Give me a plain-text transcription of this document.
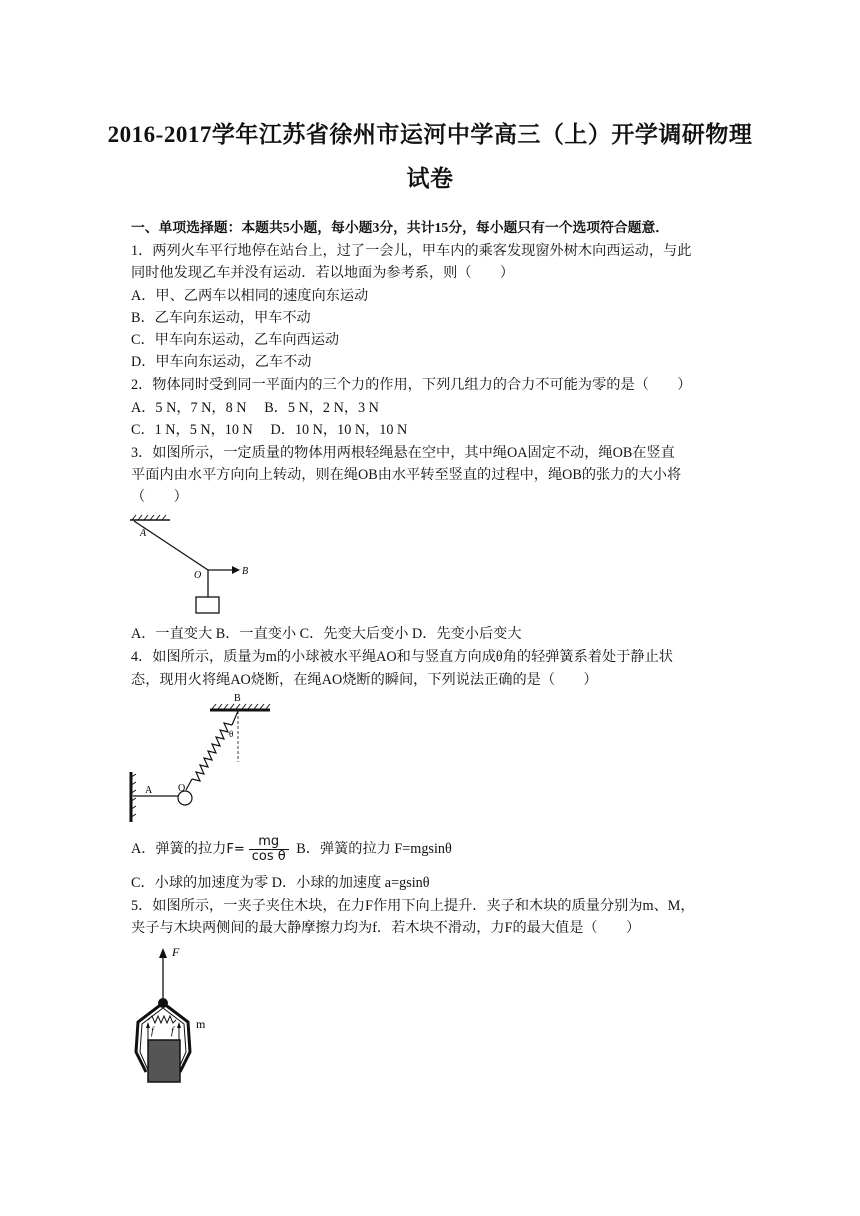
2016-2017学年江苏省徐州市运河中学高三（上）开学调研物理
试卷
一、单项选择题：本题共5小题，每小题3分，共计15分，每小题只有一个选项符合题意．
1．两列火车平行地停在站台上，过了一会儿，甲车内的乘客发现窗外树木向西运动，与此
同时他发现乙车并没有运动．若以地面为参考系，则（　　）
A．甲、乙两车以相同的速度向东运动
B．乙车向东运动，甲车不动
C．甲车向东运动，乙车向西运动
D．甲车向东运动，乙车不动
2．物体同时受到同一平面内的三个力的作用，下列几组力的合力不可能为零的是（　　）
A．5 N，7 N，8 N　 B．5 N，2 N，3 N
C．1 N，5 N，10 N　 D．10 N，10 N，10 N
3．如图所示，一定质量的物体用两根轻绳悬在空中，其中绳OA固定不动，绳OB在竖直
平面内由水平方向向上转动，则在绳OB由水平转至竖直的过程中，绳OB的张力的大小将
（　　）
A
O	B
A．一直变大 B．一直变小 C．先变大后变小 D．先变小后变大
4．如图所示，质量为m的小球被水平绳AO和与竖直方向成θ角的轻弹簧系着处于静止状
态，现用火将绳AO烧断，在绳AO烧断的瞬间，下列说法正确的是（　　）
B
θ
A	O
A．弹簧的拉力$F= \frac{mg}{\text{cos θ}}$ B．弹簧的拉力 F=mgsinθ
C．小球的加速度为零 D．小球的加速度 a=gsinθ
5．如图所示，一夹子夹住木块，在力F作用下向上提升．夹子和木块的质量分别为m、M，
夹子与木块两侧间的最大静摩擦力均为f．若木块不滑动，力F的最大值是（　　）
F
f f
m
